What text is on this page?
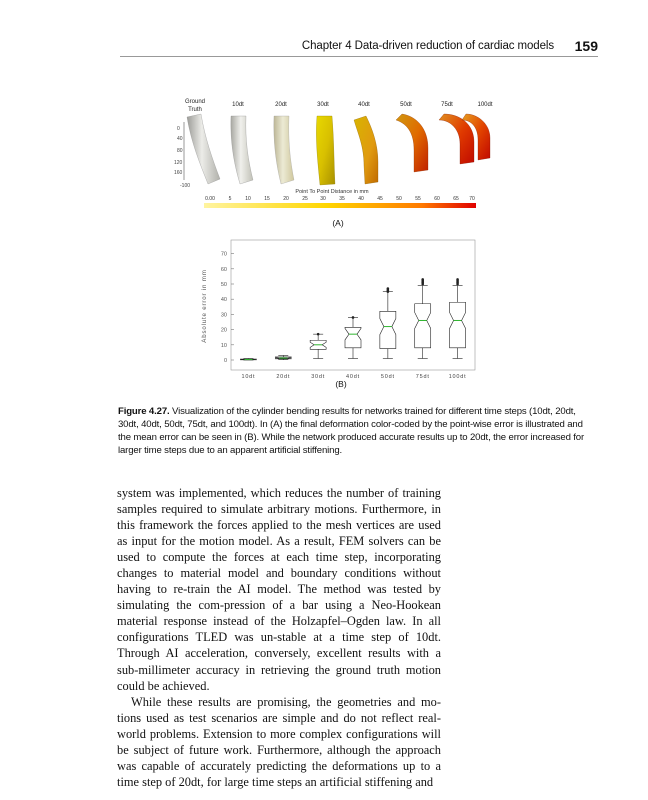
Chapter 4 Data-driven reduction of cardiac models 159
Ground
Truth
10dt	20dt	30dt	40dt	50dt	75dt	100dt
0
40
80
120
160
-100
Point To Point Distance in mm
0.00	5	10	15	20	25 30	35	40	45	50	55	60	65 70
(A)
Absolute error in mm
(B)
0
10
20
30
40
50
60
70
10dt	20dt	30dt	40dt	50dt	75dt	100dt
Figure 4.27. Visualization of the cylinder bending results for networks trained for different time steps (10dt, 20dt, 30dt, 40dt, 50dt, 75dt, and 100dt). In (A) the final deformation color-coded by the point-wise error is illustrated and the mean error can be seen in (B). While the network produced accurate results up to 20dt, the error increased for larger time steps due to an apparent artificial stiffening.

system was implemented, which reduces the number of training samples required to simulate arbitrary motions. Furthermore, in this framework the forces applied to the mesh vertices are used as input for the motion model. As a result, FEM solvers can be used to compute the forces at each time step, incorporating changes to material model and boundary conditions without having to re-train the AI model. The method was tested by simulating the com-pression of a bar using a Neo-Hookean material response instead of the Holzapfel–Ogden law. In all configurations TLED was un-stable at a time step of 10dt. Through AI acceleration, conversely, excellent results with a sub-millimeter accuracy in retrieving the ground truth motion could be achieved.

While these results are promising, the geometries and mo-tions used as test scenarios are simple and do not reflect real-world problems. Extension to more complex configurations will be subject of future work. Furthermore, although the approach was capable of accurately predicting the deformations up to a time step of 20dt, for large time steps an artificial stiffening and
